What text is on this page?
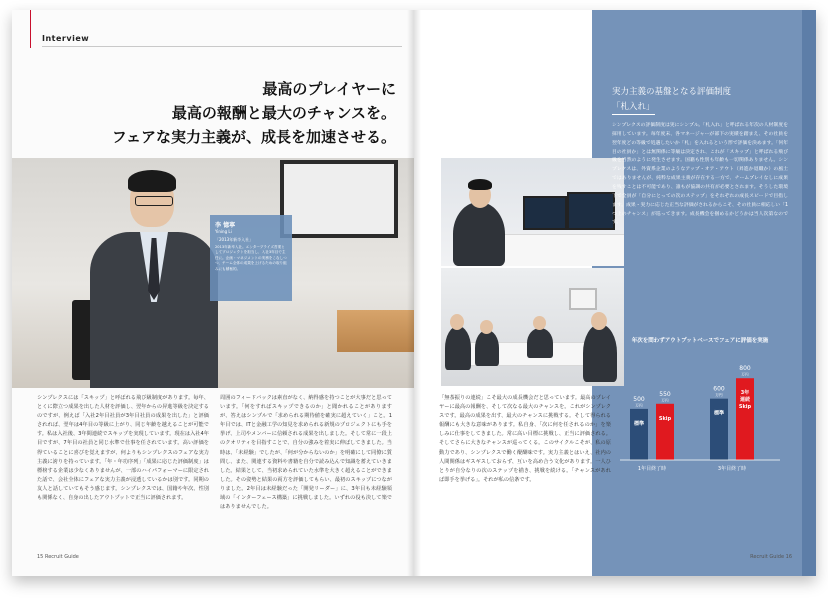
Interview
最高のプレイヤーに
最高の報酬と最大のチャンスを。
フェアな実力主義が、成長を加速させる。
李 憶寧
Yining Li
「2013年新卒入社」
2013年新卒入社。エンタープライズ営業としてプロジェクトを担当し、入社3年目で主任に。企画・マネジメントの実務をこなしつつ、チーム全体の成果を上げるための取り組みにも積極的。
シンプレクスには「スキップ」と呼ばれる飛び級制度があります。毎年、とくに際立つ成果を出した人材を評価し、翌年からの昇進等級を決定するのですが、例えば「入社2年目社員が3年目社員の成果を出した」と評価されれば、翌年は4年目の等級に上がり、同じ年齢を越えることが可能です。私は入社後、3年間連続でスキップを実現しています。現在は入社4年目ですが、7年目の社員と同じ水準で仕事を任されています。高い評価を得ていることに喜びを覚えますが、何よりもシンプレクスのフェアな実力主義に誇りを持っています。「年・年功序列」「成果に応じた評価制度」は標榜する企業は少なくありませんが、一部のハイパフォーマーに限定された話で、会社全体にフェアな実力主義が浸透しているかは別です。同期の友人と話していてもそう感じます。シンプレクスでは、国籍や年次、性別も関係なく、自身の出したアウトプットで正当に評価されます。
周囲のフィードバックは素直がなく、納得感を持つことが大事だと思っています。「何をすればスキップできるのか」と聞かれることがありますが、答えはシンプルで「求められる期待値を確実に超えていく」こと。1年目では、ITと金融工学の知見を求められる新規のプロジェクトにも手を挙げ、上司やメンバーに信頼される成果を出しました。そして常に一段上のクオリティを目指すことで、自分の強みを着実に伸ばしてきました。当時は、「未経験」でしたが、「何が分からないのか」を明確にして同僚に質問し、また、関連する資料や書籍を自分で読み込んで知識を蓄えていきました。結果として、当初求められていた水準を大きく超えることができました。その姿勢と結果の両方を評価してもらい、最初のスキップにつながりました。2年目は未経験だった「開発リーダー」に、3年目も未経験領域の「インターフェース構築」に挑戦しました。いずれの役も決して楽ではありませんでした。
15 Recruit Guide
実力主義の基盤となる評価制度
「札入れ」
シンプレクスの評価制度は実にシンプル。「札入れ」と呼ばれる年次の人材制度を採用しています。毎年度末、各マネージャーが部下の実績を踏まえ、その社員を翌年度どの等級で処遇したいか「札」を入れるという形で評価を決めます。「何年目の社員か」とは無関係に等級は決定され、これが「スキップ」と呼ばれる飛び級を当然のように発生させます。国籍も性別も年齢も一切関係ありません。シンプレクスは、外資系企業のようなアップ・オア・アウト（昇進か退職か）の風土ではありませんが、純粋な成果主義が存在する一方で、チームプレイなしに成果を残すことは不可能であり、誰もが協調の共有が必要とされます。そうした環境下で全員が「自分にとっての次のステップ」をそれぞれの成長スピードで目指します。成果・実力に応じた正当な評価がされるからこそ、その社員に相応しい「1つ上のチャンス」が巡ってきます。成長機会を掴めるかどうかは当人次第なのです。
年次を問わずアウトプットベースでフェアに評価を実施
500
万円
標準
550
万円
Skip
1年目終了時
600
万円
標準
800
万円
3年
連続
Skip
3年目終了時
「無茶振りの連続」こそ最大の成長機会だと思っています。最高のプレイヤーに最高の報酬を、そして次なる最大のチャンスを。これがシンプレクスです。最高の成果を出す、最大のチャンスに挑戦する。そして得られる報酬にも大きな意味があります。私自身、「次に何を任されるのか」を楽しみに仕事をしてきました。常に高い目標に挑戦し、正当に評価される。そしてさらに大きなチャンスが巡ってくる。このサイクルこそが、私の原動力であり、シンプレクスで働く醍醐味です。実力主義とはいえ、社内の人間関係はギスギスしておらず、互いを高め合う文化があります。一人ひとりが自分なりの次のステップを描き、挑戦を続ける。「チャンスがあれば即手を挙げる」。それが私の信条です。
Recruit Guide 16
